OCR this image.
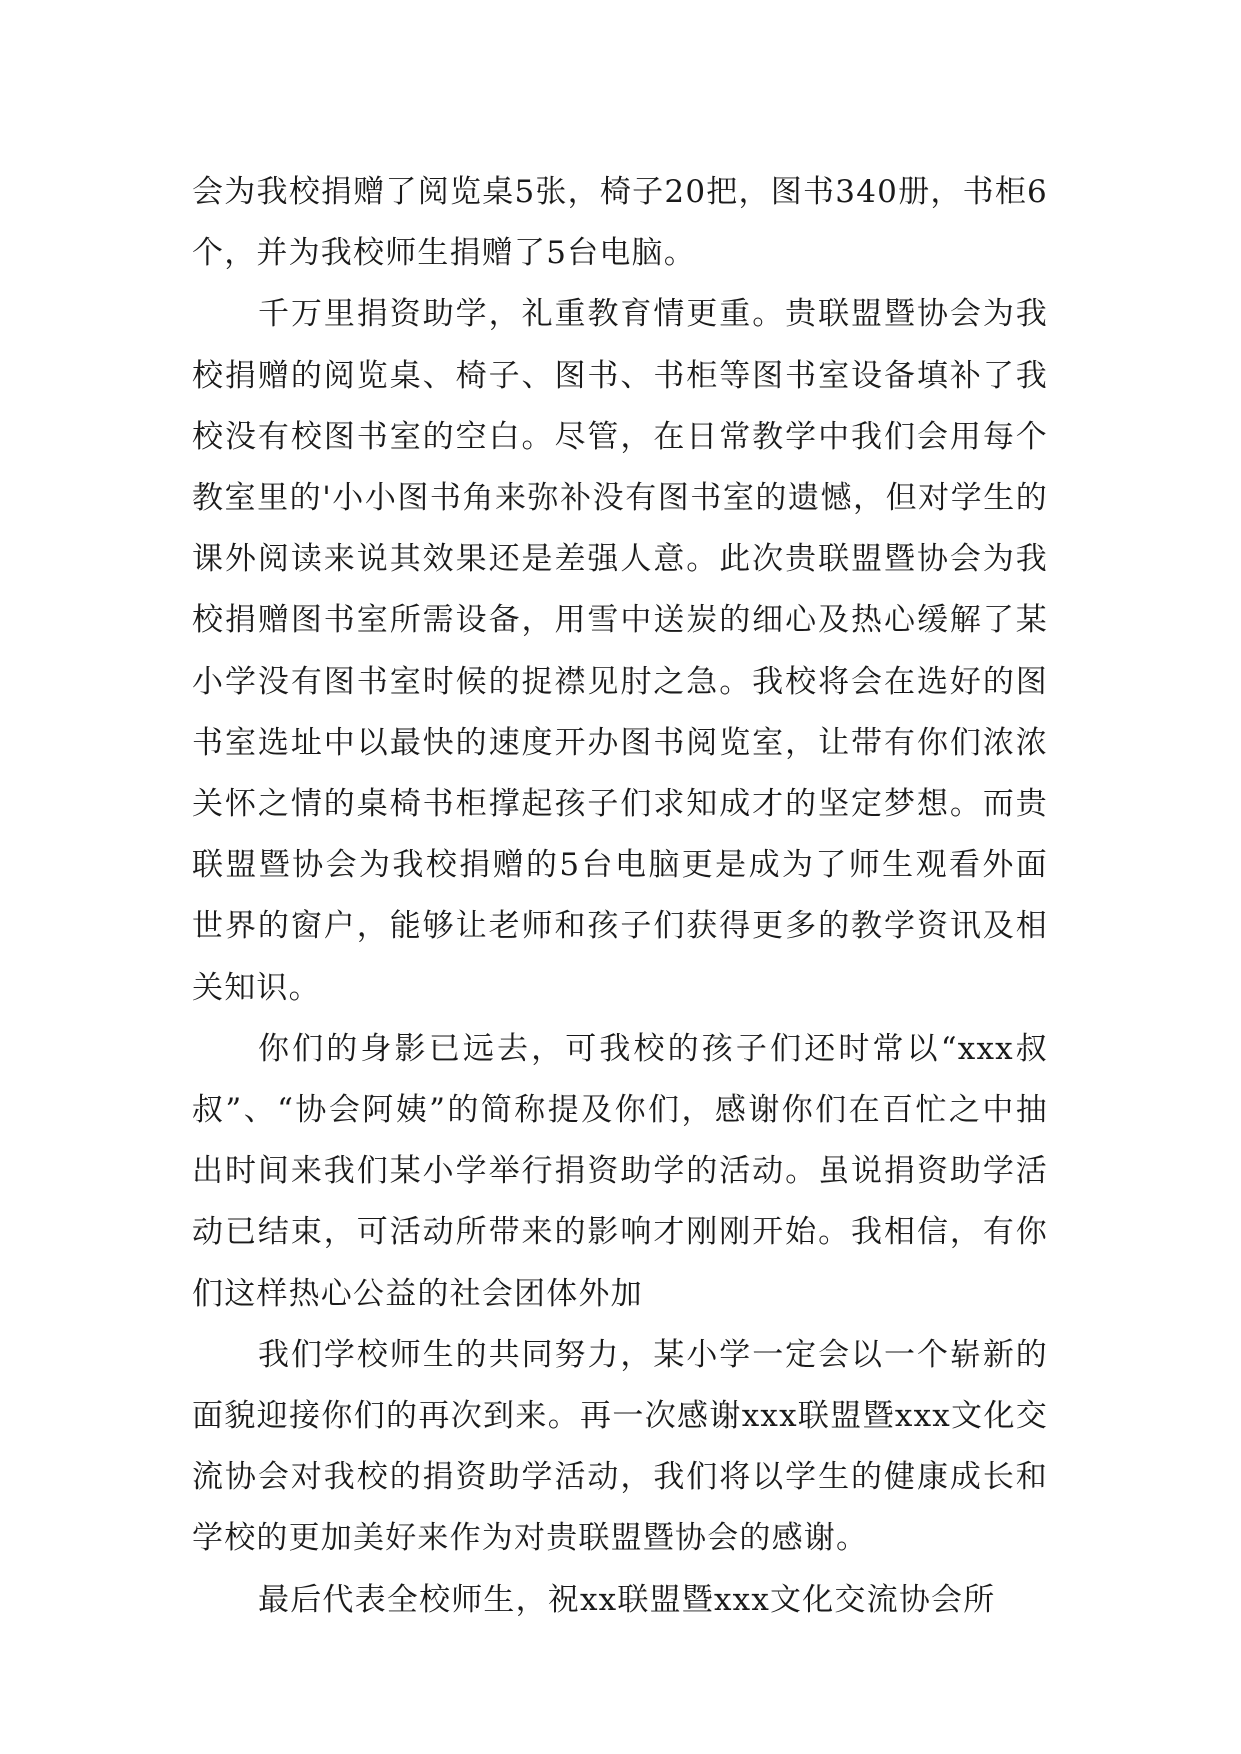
会为我校捐赠了阅览桌5张，椅子20把，图书340册，书柜6个，并为我校师生捐赠了5台电脑。

千万里捐资助学，礼重教育情更重。贵联盟暨协会为我校捐赠的阅览桌、椅子、图书、书柜等图书室设备填补了我校没有校图书室的空白。尽管，在日常教学中我们会用每个教室里的'小小图书角来弥补没有图书室的遗憾，但对学生的课外阅读来说其效果还是差强人意。此次贵联盟暨协会为我校捐赠图书室所需设备，用雪中送炭的细心及热心缓解了某小学没有图书室时候的捉襟见肘之急。我校将会在选好的图书室选址中以最快的速度开办图书阅览室，让带有你们浓浓关怀之情的桌椅书柜撑起孩子们求知成才的坚定梦想。而贵联盟暨协会为我校捐赠的5台电脑更是成为了师生观看外面世界的窗户，能够让老师和孩子们获得更多的教学资讯及相关知识。

你们的身影已远去，可我校的孩子们还时常以“xxx叔叔”、“协会阿姨”的简称提及你们，感谢你们在百忙之中抽出时间来我们某小学举行捐资助学的活动。虽说捐资助学活动已结束，可活动所带来的影响才刚刚开始。我相信，有你们这样热心公益的社会团体外加

我们学校师生的共同努力，某小学一定会以一个崭新的面貌迎接你们的再次到来。再一次感谢xxx联盟暨xxx文化交流协会对我校的捐资助学活动，我们将以学生的健康成长和学校的更加美好来作为对贵联盟暨协会的感谢。

最后代表全校师生，祝xx联盟暨xxx文化交流协会所
